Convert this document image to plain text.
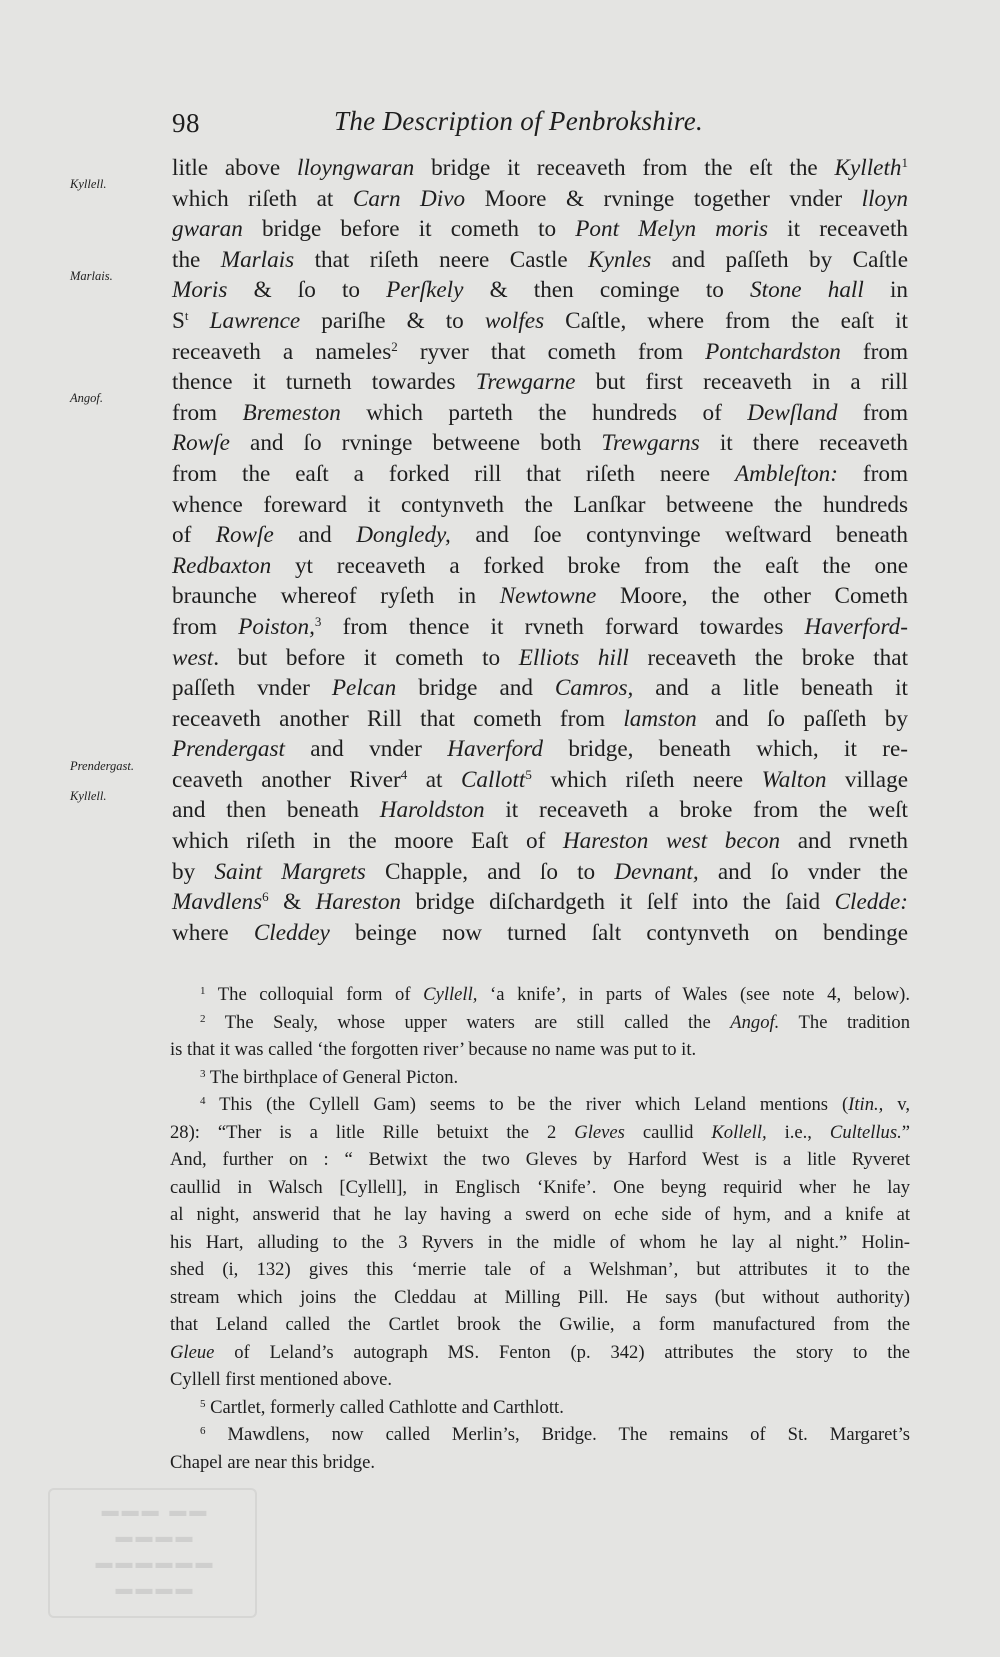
98	The Description of Penbrokshire.
Kyllell.
Marlais.
Angof.
Prendergast.
Kyllell.
litle above lloyngwaran bridge it receaveth from the eſt the Kylleth$^1$
which riſeth at Carn Divo Moore & rvninge together vnder lloyn
gwaran bridge before it cometh to Pont Melyn moris it receaveth
the Marlais that riſeth neere Castle Kynles and paſſeth by Caſtle
Moris & ſo to Perſkely & then cominge to Stone hall in
$S^t$ Lawrence pariſhe & to wolfes Caſtle, where from the eaſt it
receaveth a nameles$^2$ ryver that cometh from Pontchardston from
thence it turneth towardes Trewgarne but first receaveth in a rill
from Bremeston which parteth the hundreds of Dewſland from
Rowſe and ſo rvninge betweene both Trewgarns it there receaveth
from the eaſt a forked rill that riſeth neere Ambleſton: from
whence foreward it contynveth the Lanſkar betweene the hundreds
of Rowſe and Dongledy, and ſoe contynvinge weſtward beneath
Redbaxton yt receaveth a forked broke from the eaſt the one
braunche whereof ryſeth in Newtowne Moore, the other Cometh
from Poiston,$^3$ from thence it rvneth forward towardes Haverford-
west. but before it cometh to Elliots hill receaveth the broke that
paſſeth vnder Pelcan bridge and Camros, and a litle beneath it
receaveth another Rill that cometh from lamston and ſo paſſeth by
Prendergast and vnder Haverford bridge, beneath which, it re-
ceaveth another River$^4$ at Callott$^5$ which riſeth neere Walton village
and then beneath Haroldston it receaveth a broke from the weſt
which riſeth in the moore Eaſt of Hareston west becon and rvneth
by Saint Margrets Chapple, and ſo to Devnant, and ſo vnder the
Mavdlens$^6$ & Hareston bridge diſchardgeth it ſelf into the ſaid Cledde:
where Cleddey beinge now turned ſalt contynveth on bendinge
$^1$ The colloquial form of Cyllell, ‘a knife’, in parts of Wales (see note 4, below).
$^2$ The Sealy, whose upper waters are still called the Angof. The tradition
is that it was called ‘the forgotten river’ because no name was put to it.
$^3$ The birthplace of General Picton.
$^4$ This (the Cyllell Gam) seems to be the river which Leland mentions (Itin., v,
28): “Ther is a litle Rille betuixt the 2 Gleves caullid Kollell, i.e., Cultellus.”
And, further on : “ Betwixt the two Gleves by Harford West is a litle Ryveret
caullid in Walsch [Cyllell], in Englisch ‘Knife’. One beyng requirid wher he lay
al night, answerid that he lay having a swerd on eche side of hym, and a knife at
his Hart, alluding to the 3 Ryvers in the midle of whom he lay al night.” Holin-
shed (i, 132) gives this ‘merrie tale of a Welshman’, but attributes it to the
stream which joins the Cleddau at Milling Pill. He says (but without authority)
that Leland called the Cartlet brook the Gwilie, a form manufactured from the
Gleue of Leland’s autograph MS. Fenton (p. 342) attributes the story to the
Cyllell first mentioned above.
$^5$ Cartlet, formerly called Cathlotte and Carthlott.
$^6$ Mawdlens, now called Merlin’s, Bridge. The remains of St. Margaret’s
Chapel are near this bridge.
▬▬ ▬▬▬
▬▬▬▬
▬▬▬▬▬▬
▬▬▬▬
